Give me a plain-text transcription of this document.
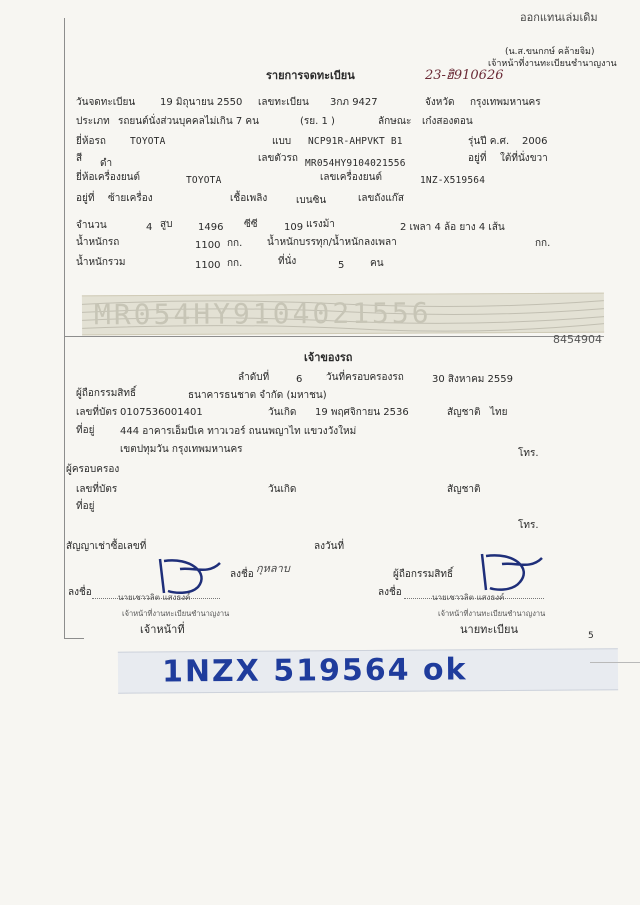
ออกแทนเล่มเดิม
(น.ส.ขนกกษ์ คล้ายจิม)
เจ้าหน้าที่งานทะเบียนชำนาญงาน
รายการจดทะเบียน	23-ฮิ910626
วันจดทะเบียน 19 มิถุนายน 2550 เลขทะเบียน 3กภ 9427	จังหวัด กรุงเทพมหานคร
ประเภท รถยนต์นั่งส่วนบุคคลไม่เกิน 7 คน	(รย. 1 )	ลักษณะ เก๋งสองตอน
ยี่ห้อรถ	TOYOTA	แบบ NCP91R-AHPVKT B1	รุ่นปี ค.ศ. 2006
สี ดำ	เลขตัวรถ MR054HY9104021556	อยู่ที่ ใต้ที่นั่งขวา
ยี่ห้อเครื่องยนต์	TOYOTA	เลขเครื่องยนต์	1NZ-X519564
อยู่ที่ ซ้ายเครื่อง	เชื้อเพลิง	เบนซิน	เลขถังแก๊ส
จำนวน	4 สูบ	1496 ซีซี	109 แรงม้า	2 เพลา 4 ล้อ ยาง 4 เส้น
น้ำหนักรถ	1100 กก. น้ำหนักบรรทุก/น้ำหนักลงเพลา	กก.
น้ำหนักรวม	1100 กก.	ที่นั่ง	5	คน
MR054HY9104021556
8454904
เจ้าของรถ
ลำดับที่	6 วันที่ครอบครองรถ	30 สิงหาคม 2559
ผู้ถือกรรมสิทธิ์	ธนาคารธนชาต จำกัด (มหาชน)
เลขที่บัตร 0107536001401	วันเกิด 19 พฤศจิกายน 2536	สัญชาติ ไทย
ที่อยู่	444 อาคารเอ็มบีเค ทาวเวอร์ ถนนพญาไท แขวงวังใหม่
เขตปทุมวัน กรุงเทพมหานคร	โทร.
ผู้ครอบครอง
เลขที่บัตร	วันเกิด	สัญชาติ
ที่อยู่
โทร.
สัญญาเช่าซื้อเลขที่	ลงวันที่
ลงชื่อ กุหลาบ	ผู้ถือกรรมสิทธิ์
ลงชื่อ	นายเชาวลิต แสงธงค์
เจ้าหน้าที่งานทะเบียนชำนาญงาน
เจ้าหน้าที่
ลงชื่อ	นายเชาวลิต แสงธงค์
เจ้าหน้าที่งานทะเบียนชำนาญงาน
นายทะเบียน	5
1NZX 519564 ok
